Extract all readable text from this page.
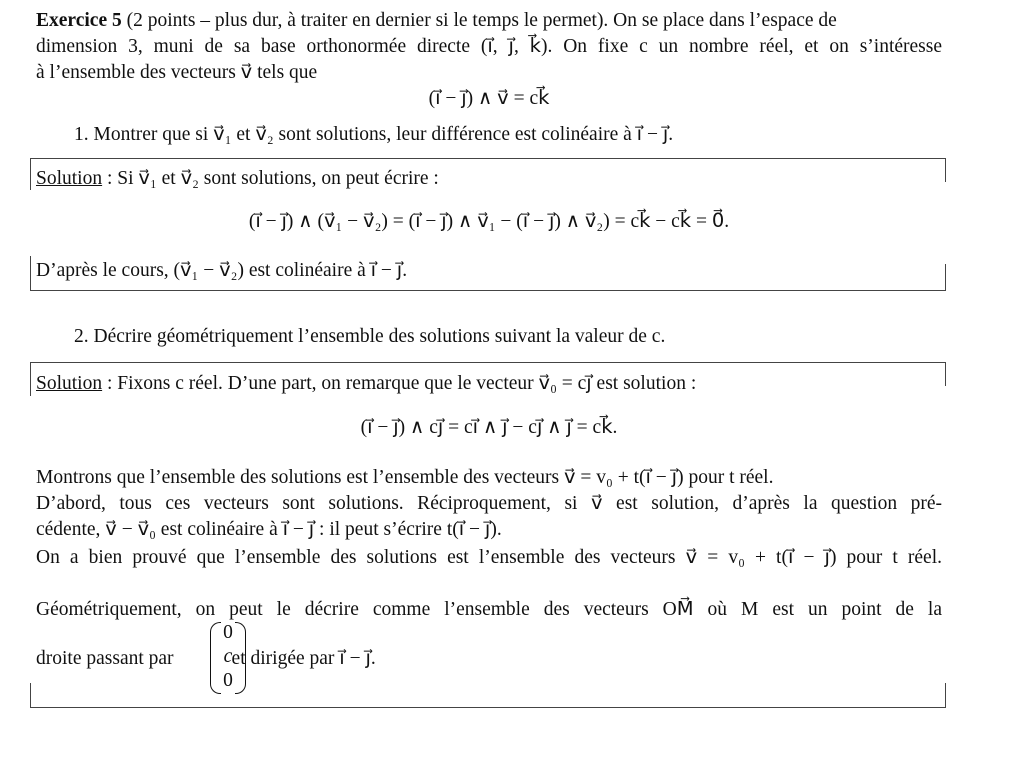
Exercice 5 (2 points – plus dur, à traiter en dernier si le temps le permet). On se place dans l’espace de
dimension 3, muni de sa base orthonormée directe (i⃗, j⃗, k⃗). On fixe c un nombre réel, et on s’intéresse
à l’ensemble des vecteurs v⃗ tels que
(i⃗ − j⃗) ∧ v⃗ = ck⃗
1. Montrer que si v⃗₁ et v⃗₂ sont solutions, leur différence est colinéaire à i⃗ − j⃗.
Solution : Si v⃗₁ et v⃗₂ sont solutions, on peut écrire :
(i⃗ − j⃗) ∧ (v⃗₁ − v⃗₂) = (i⃗ − j⃗) ∧ v⃗₁ − (i⃗ − j⃗) ∧ v⃗₂) = ck⃗ − ck⃗ = 0⃗.
D’après le cours, (v⃗₁ − v⃗₂) est colinéaire à i⃗ − j⃗.
2. Décrire géométriquement l’ensemble des solutions suivant la valeur de c.
Solution : Fixons c réel. D’une part, on remarque que le vecteur v⃗₀ = cj⃗ est solution :
(i⃗ − j⃗) ∧ cj⃗ = ci⃗ ∧ j⃗ − cj⃗ ∧ j⃗ = ck⃗.
Montrons que l’ensemble des solutions est l’ensemble des vecteurs v⃗ = v₀ + t(i⃗ − j⃗) pour t réel.
D’abord, tous ces vecteurs sont solutions. Réciproquement, si v⃗ est solution, d’après la question pré-
cédente, v⃗ − v⃗₀ est colinéaire à i⃗ − j⃗ : il peut s’écrire t(i⃗ − j⃗).
On a bien prouvé que l’ensemble des solutions est l’ensemble des vecteurs v⃗ = v₀ + t(i⃗ − j⃗) pour t réel.
Géométriquement, on peut le décrire comme l’ensemble des vecteurs OM⃗ où M est un point de la
droite passant par	et dirigée par i⃗ − j⃗.
0
c
0
